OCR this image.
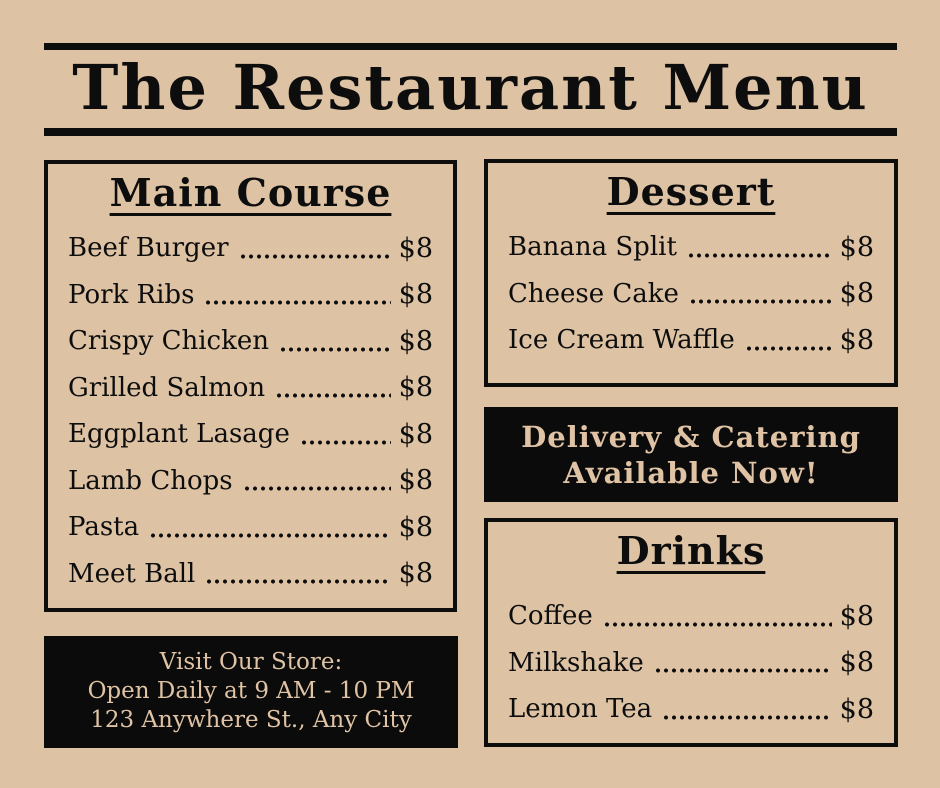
The Restaurant Menu
Main Course
Beef Burger	$8
Pork Ribs	$8
Crispy Chicken	$8
Grilled Salmon	$8
Eggplant Lasage	$8
Lamb Chops	$8
Pasta	$8
Meet Ball	$8
Visit Our Store:
Open Daily at 9 AM - 10 PM
123 Anywhere St., Any City
Dessert
Banana Split	$8
Cheese Cake	$8
Ice Cream Waffle	$8
Delivery & Catering
Available Now!
Drinks
Coffee	$8
Milkshake	$8
Lemon Tea	$8
